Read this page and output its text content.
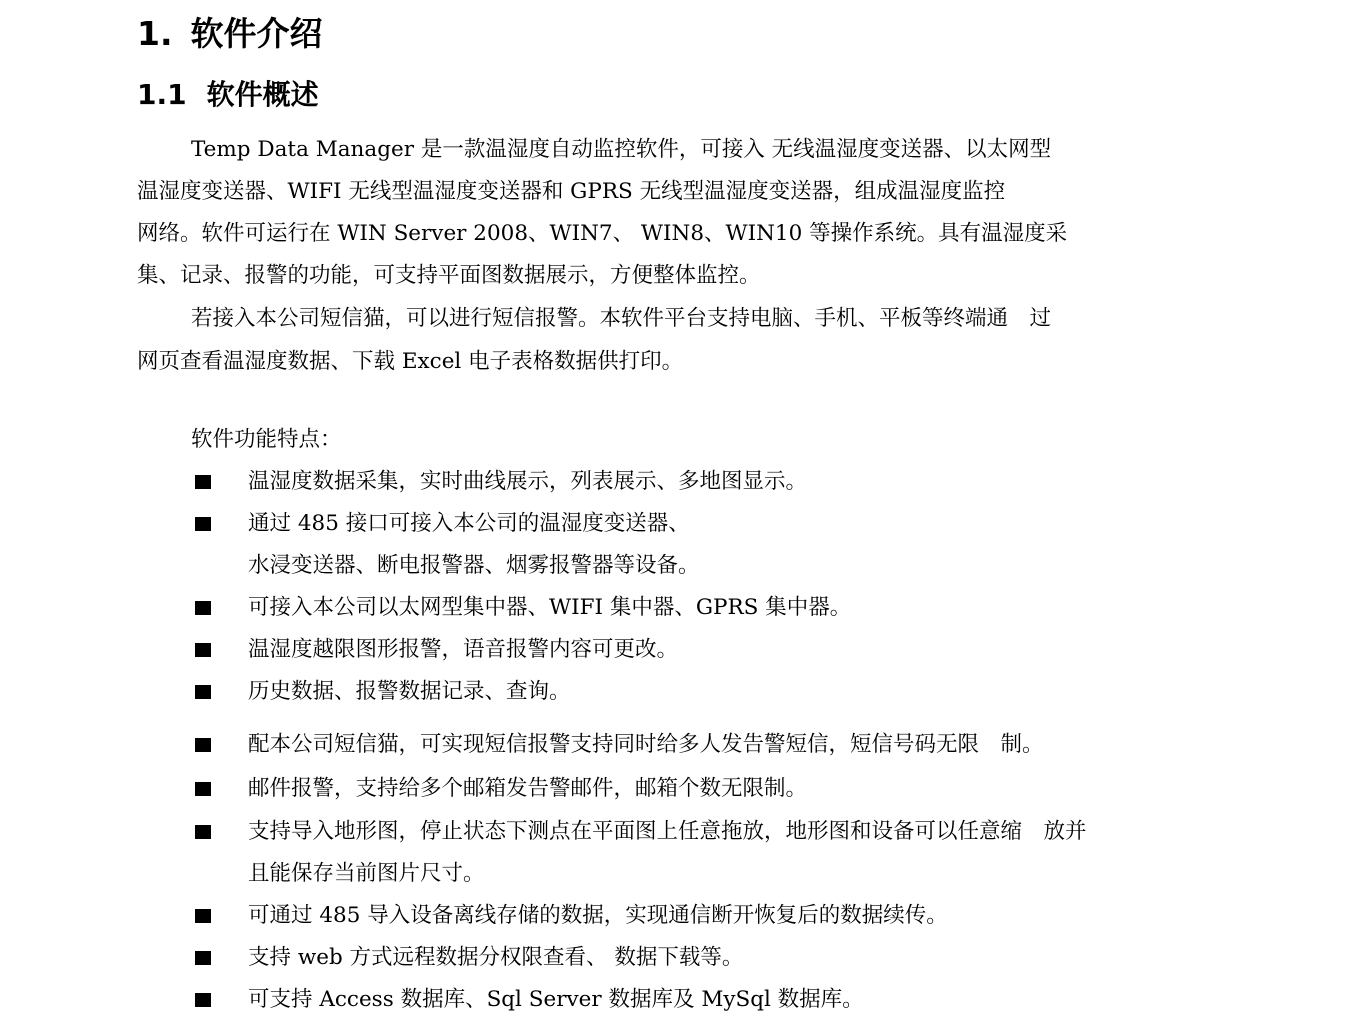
1. 软件介绍
1.1 软件概述
Temp Data Manager 是一款温湿度自动监控软件，可接入 无线温湿度变送器、以太网型
温湿度变送器、WIFI 无线型温湿度变送器和 GPRS 无线型温湿度变送器，组成温湿度监控
网络。软件可运行在 WIN Server 2008、WIN7、 WIN8、WIN10 等操作系统。具有温湿度采
集、记录、报警的功能，可支持平面图数据展示，方便整体监控。
若接入本公司短信猫，可以进行短信报警。本软件平台支持电脑、手机、平板等终端通　过
网页查看温湿度数据、下载 Excel 电子表格数据供打印。
软件功能特点：
温湿度数据采集，实时曲线展示，列表展示、多地图显示。
通过 485 接口可接入本公司的温湿度变送器、
水浸变送器、断电报警器、烟雾报警器等设备。
可接入本公司以太网型集中器、WIFI 集中器、GPRS 集中器。
温湿度越限图形报警，语音报警内容可更改。
历史数据、报警数据记录、查询。
配本公司短信猫，可实现短信报警支持同时给多人发告警短信，短信号码无限　制。
邮件报警，支持给多个邮箱发告警邮件，邮箱个数无限制。
支持导入地形图，停止状态下测点在平面图上任意拖放，地形图和设备可以任意缩　放并
且能保存当前图片尺寸。
可通过 485 导入设备离线存储的数据，实现通信断开恢复后的数据续传。
支持 web 方式远程数据分权限查看、 数据下载等。
可支持 Access 数据库、Sql Server 数据库及 MySql 数据库。
